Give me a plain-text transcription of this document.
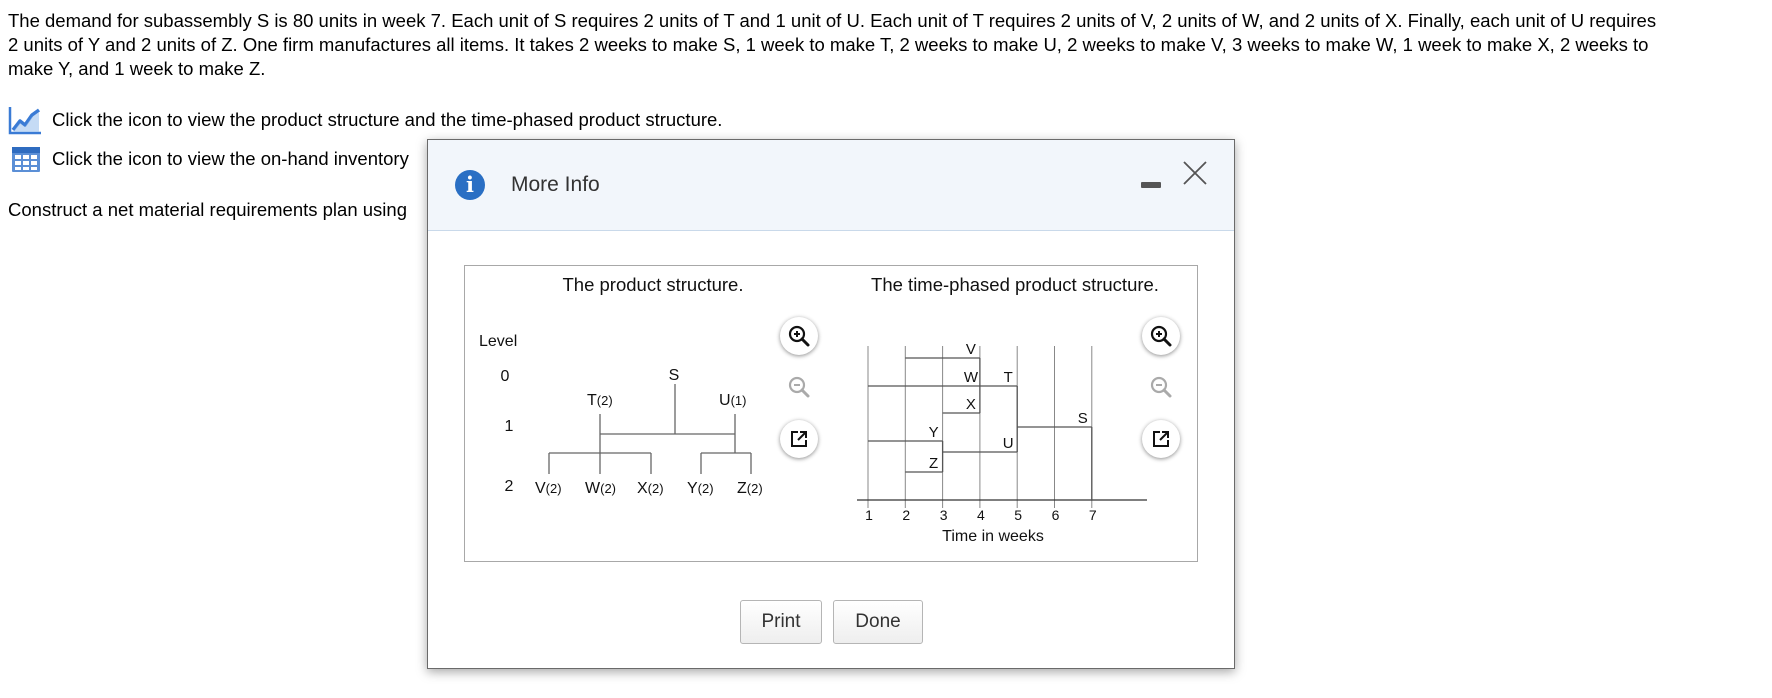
The demand for subassembly S is 80 units in week 7. Each unit of S requires 2 units of T and 1 unit of U. Each unit of T requires 2 units of V, 2 units of W, and 2 units of X. Finally, each unit of U requires 2 units of Y and 2 units of Z. One firm manufactures all items. It takes 2 weeks to make S, 1 week to make T, 2 weeks to make U, 2 weeks to make V, 3 weeks to make W, 1 week to make X, 2 weeks to make Y, and 1 week to make Z.
Click the icon to view the product structure and the time-phased product structure.
Click the icon to view the on-hand inventory
Construct a net material requirements plan using
i	More Info
The product structure.	The time-phased product structure.
Level
0
1
2
S
T(2)	U(1)
V(2) W(2) X(2) Y(2) Z(2)
1 2 3 4 5 6 7
V
W
X
T
Y
Z
U
S
Time in weeks
Print	Done
